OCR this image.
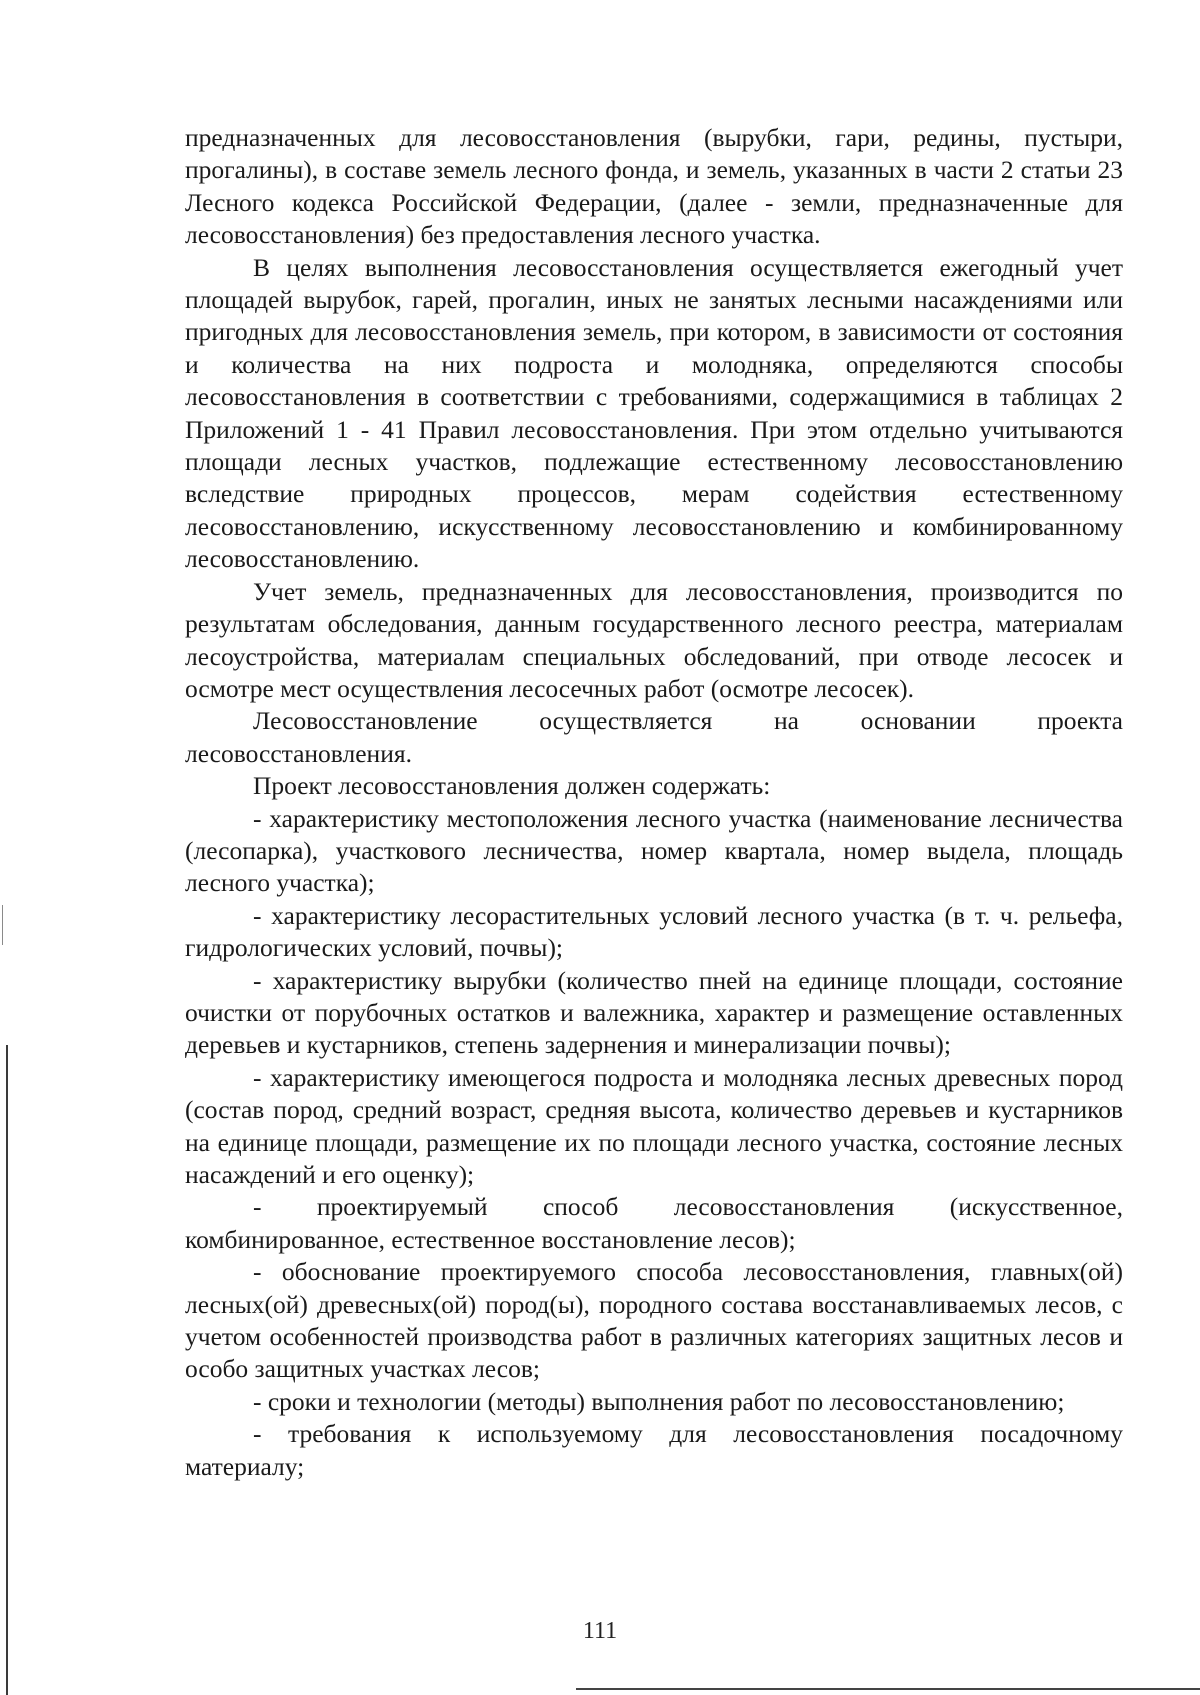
предназначенных для лесовосстановления (вырубки, гари, редины, пустыри, прогалины), в составе земель лесного фонда, и земель, указанных в части 2 статьи 23 Лесного кодекса Российской Федерации, (далее - земли, предназначенные для лесовосстановления) без предоставления лесного участка.

В целях выполнения лесовосстановления осуществляется ежегодный учет площадей вырубок, гарей, прогалин, иных не занятых лесными насаждениями или пригодных для лесовосстановления земель, при котором, в зависимости от состояния и количества на них подроста и молодняка, определяются способы лесовосстановления в соответствии с требованиями, содержащимися в таблицах 2 Приложений 1 - 41 Правил лесовосстановления. При этом отдельно учитываются площади лесных участков, подлежащие естественному лесовосстановлению вследствие природных процессов, мерам содействия естественному лесовосстановлению, искусственному лесовосстановлению и комбинированному лесовосстановлению.

Учет земель, предназначенных для лесовосстановления, производится по результатам обследования, данным государственного лесного реестра, материалам лесоустройства, материалам специальных обследований, при отводе лесосек и осмотре мест осуществления лесосечных работ (осмотре лесосек).

Лесовосстановление осуществляется на основании проекта лесовосстановления.

Проект лесовосстановления должен содержать:

- характеристику местоположения лесного участка (наименование лесничества (лесопарка), участкового лесничества, номер квартала, номер выдела, площадь лесного участка);

- характеристику лесорастительных условий лесного участка (в т. ч. рельефа, гидрологических условий, почвы);

- характеристику вырубки (количество пней на единице площади, состояние очистки от порубочных остатков и валежника, характер и размещение оставленных деревьев и кустарников, степень задернения и минерализации почвы);

- характеристику имеющегося подроста и молодняка лесных древесных пород (состав пород, средний возраст, средняя высота, количество деревьев и кустарников на единице площади, размещение их по площади лесного участка, состояние лесных насаждений и его оценку);

- проектируемый способ лесовосстановления (искусственное, комбинированное, естественное восстановление лесов);

- обоснование проектируемого способа лесовосстановления, главных(ой) лесных(ой) древесных(ой) пород(ы), породного состава восстанавливаемых лесов, с учетом особенностей производства работ в различных категориях защитных лесов и особо защитных участках лесов;

- сроки и технологии (методы) выполнения работ по лесовосстановлению;

- требования к используемому для лесовосстановления посадочному материалу;

111
